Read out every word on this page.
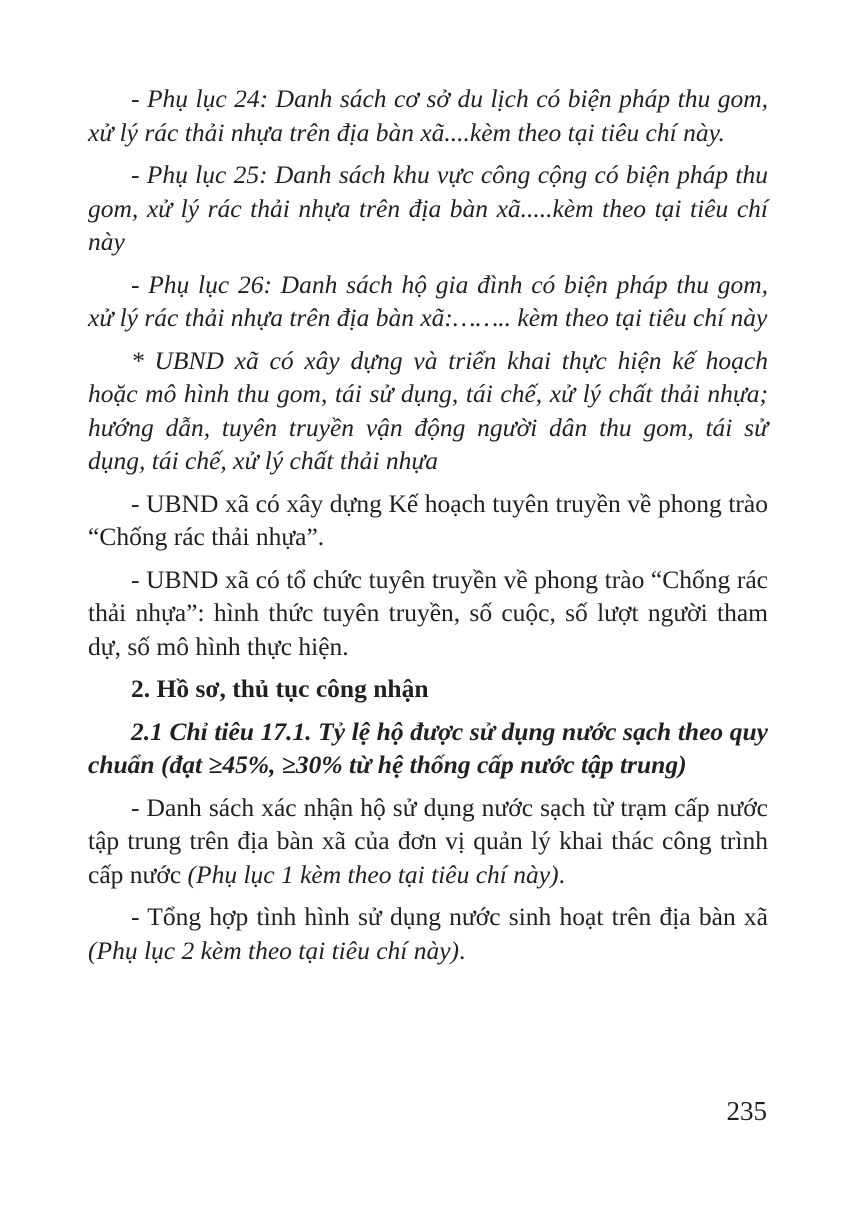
- Phụ lục 24: Danh sách cơ sở du lịch có biện pháp thu gom, xử lý rác thải nhựa trên địa bàn xã....kèm theo tại tiêu chí này.

- Phụ lục 25: Danh sách khu vực công cộng có biện pháp thu gom, xử lý rác thải nhựa trên địa bàn xã.....kèm theo tại tiêu chí này

- Phụ lục 26: Danh sách hộ gia đình có biện pháp thu gom, xử lý rác thải nhựa trên địa bàn xã:…….. kèm theo tại tiêu chí này

* UBND xã có xây dựng và triển khai thực hiện kế hoạch hoặc mô hình thu gom, tái sử dụng, tái chế, xử lý chất thải nhựa; hướng dẫn, tuyên truyền vận động người dân thu gom, tái sử dụng, tái chế, xử lý chất thải nhựa

- UBND xã có xây dựng Kế hoạch tuyên truyền về phong trào “Chống rác thải nhựa”.

- UBND xã có tổ chức tuyên truyền về phong trào “Chống rác thải nhựa”: hình thức tuyên truyền, số cuộc, số lượt người tham dự, số mô hình thực hiện.

2. Hồ sơ, thủ tục công nhận

2.1 Chỉ tiêu 17.1. Tỷ lệ hộ được sử dụng nước sạch theo quy chuẩn (đạt ≥45%, ≥30% từ hệ thống cấp nước tập trung)

- Danh sách xác nhận hộ sử dụng nước sạch từ trạm cấp nước tập trung trên địa bàn xã của đơn vị quản lý khai thác công trình cấp nước (Phụ lục 1 kèm theo tại tiêu chí này).

- Tổng hợp tình hình sử dụng nước sinh hoạt trên địa bàn xã (Phụ lục 2 kèm theo tại tiêu chí này).

235
